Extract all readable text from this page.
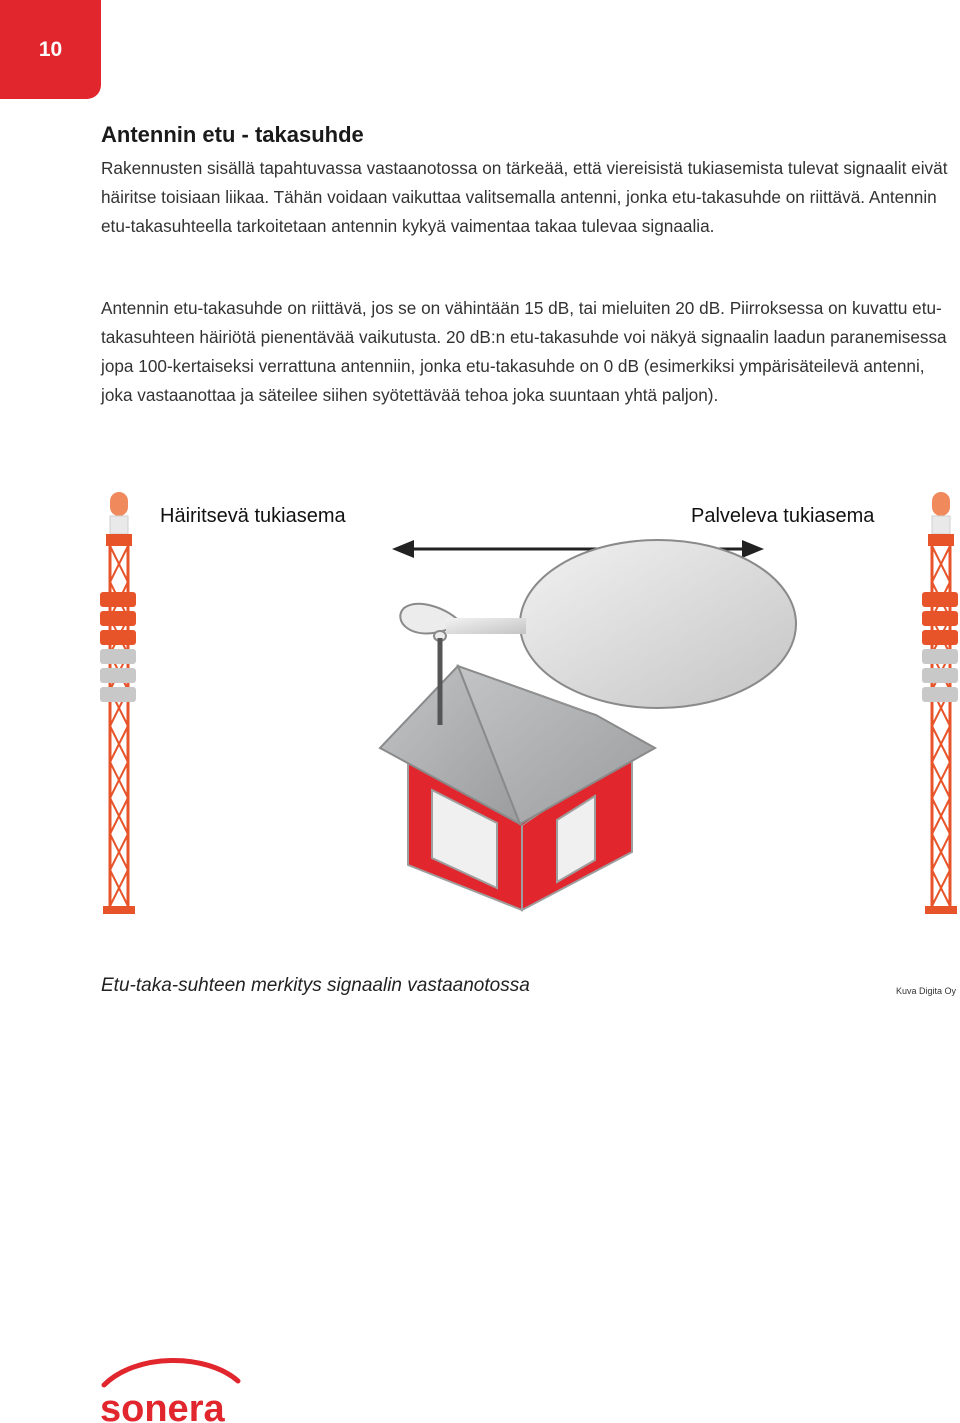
10
Antennin etu - takasuhde

Rakennusten sisällä tapahtuvassa vastaanotossa on tärkeää, että viereisistä tukiasemista tulevat signaalit eivät häiritse toisiaan liikaa. Tähän voidaan vaikuttaa valitsemalla antenni, jonka etu-takasuhde on riittävä. Antennin etu-takasuhteella tarkoitetaan antennin kykyä vaimentaa takaa tulevaa signaalia.

Antennin etu-takasuhde on riittävä, jos se on vähintään 15 dB, tai mieluiten 20 dB. Piirroksessa on kuvattu etu-takasuhteen häiriötä pienentävää vaikutusta. 20 dB:n etu-takasuhde voi näkyä signaalin laadun paranemisessa jopa 100-kertaiseksi verrattuna antenniin, jonka etu-takasuhde on 0 dB (esimerkiksi ympärisäteilevä antenni, joka vastaanottaa ja säteilee siihen syötettävää tehoa joka suuntaan yhtä paljon).

Häiritsevä tukiasema	Palveleva tukiasema
Etu-taka-suhteen merkitys signaalin vastaanotossa	Kuva Digita Oy
sonera
